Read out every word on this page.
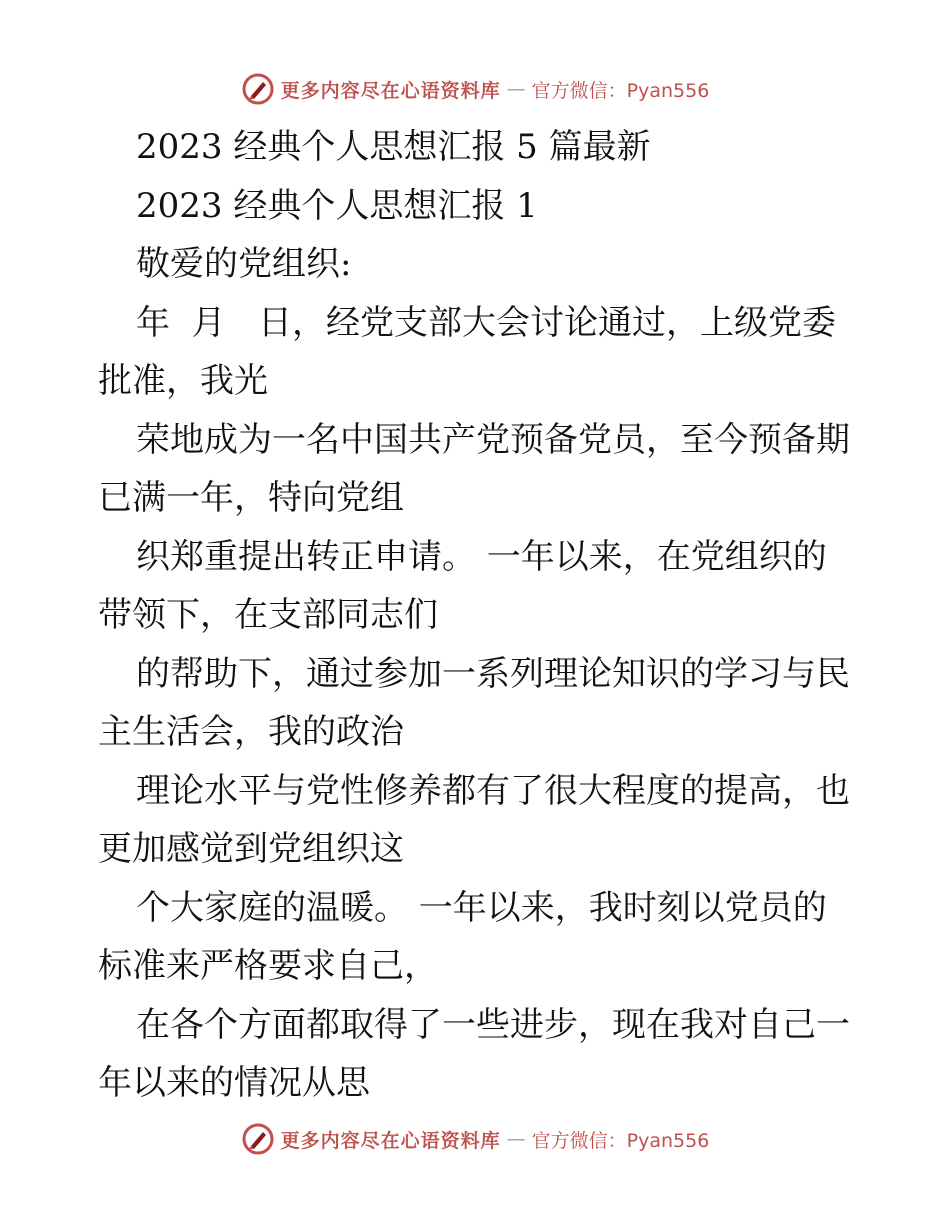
更多内容尽在心语资料库 — 官方微信：Pyan556

2023 经典个人思想汇报 5 篇最新

2023 经典个人思想汇报 1

敬爱的党组织:

年  月   日，经党支部大会讨论通过，上级党委

批准，我光

荣地成为一名中国共产党预备党员，至今预备期

已满一年，特向党组

织郑重提出转正申请。 一年以来，在党组织的

带领下，在支部同志们

的帮助下，通过参加一系列理论知识的学习与民

主生活会，我的政治

理论水平与党性修养都有了很大程度的提高，也

更加感觉到党组织这

个大家庭的温暖。 一年以来，我时刻以党员的

标准来严格要求自己，

在各个方面都取得了一些进步，现在我对自己一

年以来的情况从思

更多内容尽在心语资料库 — 官方微信：Pyan556
